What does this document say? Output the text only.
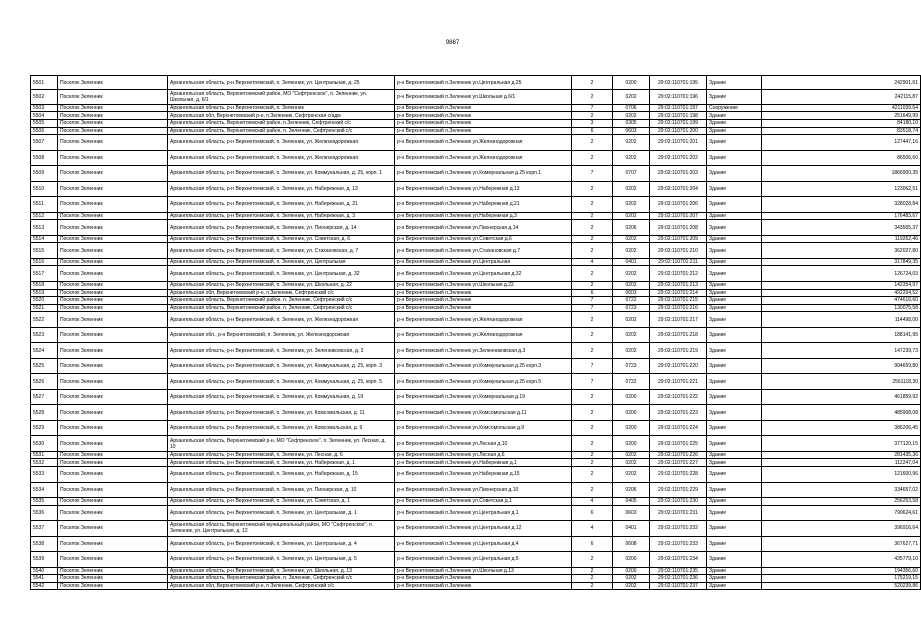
9887
5501	Поселок Зеленник	Архангельская область, р-н Верхнетоемский, п. Зеленник, ул. Центральная, д. 25	р-н Верхнетоемский п.Зеленник ул.Центральная д.25	2	0200	29:02:110701:195	Здание	242901,61
5502	Поселок Зеленник	Архангельская область, Верхнетоемский район, МО "Сефтренское", п. Зеленник, ул. Школьная, д. 6/1	р-н Верхнетоемский п.Зеленник ул.Школьная д.6/1	2	0202	29:02:110701:196	Здание	242115,87
5503	Поселок Зеленник	Архангельская область, р-н Верхнетоемский, п. Зеленник	р-н Верхнетоемский п.Зеленник	7	0706	29:02:110701:197	Сооружение	4211039,64
5504	Поселок Зеленник	Архангельская обл, Верхнетоемский р-н, п.Зеленник, Сефтренская с/адм	р-н Верхнетоемский п.Зеленник	2	0202	29:02:110701:198	Здание	251649,99
5505	Поселок Зеленник	Архангельская область, Верхнетоемский район, п.Зеленник, Сефтренский с/с	р-н Верхнетоемский п.Зеленник	3	0305	29:02:110701:199	Здание	84180,10
5506	Поселок Зеленник	Архангельская область, Верхнетоемский район, п. Зеленник, Сефтренский с/с	р-н Верхнетоемский п.Зеленник	6	0603	29:02:110701:200	Здание	83518,74
5507	Поселок Зеленник	Архангельская область, р-н Верхнетоемский, п. Зеленник, ул. Железнодорожная	р-н Верхнетоемский п.Зеленник ул.Железнодорожная	2	0202	29:02:110701:201	Здание	127447,16
5508	Поселок Зеленник	Архангельская область, р-н Верхнетоемский, п. Зеленник, ул. Железнодорожная	р-н Верхнетоемский п.Зеленник ул.Железнодорожная	2	0202	29:02:110701:202	Здание	86506,60
5509	Поселок Зеленник	Архангельская область, р-н Верхнетоемский, п. Зеленник, ул. Коммунальная, д. 25, корп. 1	р-н Верхнетоемский п.Зеленник ул.Коммунальная д.25 корп.1	7	0707	29:02:110701:203	Здание	1866900,35
5510	Поселок Зеленник	Архангельская область, р-н Верхнетоемский, п. Зеленник, ул. Набережная, д. 13	р-н Верхнетоемский п.Зеленник ул.Набережная д.13	2	0202	29:02:110701:204	Здание	123062,51
5511	Поселок Зеленник	Архангельская область, р-н Верхнетоемский, п. Зеленник, ул. Набережная, д. 21	р-н Верхнетоемский п.Зеленник ул.Набережная д.21	2	0202	29:02:110701:206	Здание	328028,84
5512	Поселок Зеленник	Архангельская область, р-н Верхнетоемский, п. Зеленник, ул. Набережная, д. 3	р-н Верхнетоемский п.Зеленник ул.Набережная д.3	2	0202	29:02:110701:207	Здание	176483,67
5513	Поселок Зеленник	Архангельская область, р-н Верхнетоемский, п. Зеленник, ул. Пионерская, д. 14	р-н Верхнетоемский п.Зеленник ул.Пионерская д.14	2	0206	29:02:110701:208	Здание	343565,37
5514	Поселок Зеленник	Архангельская область, р-н Верхнетоемский, п. Зеленник, ул. Советская, д. 6	р-н Верхнетоемский п.Зеленник ул.Советская д.6	2	0202	29:02:110701:209	Здание	119262,46
5515	Поселок Зеленник	Архангельская область, р-н Верхнетоемский, п. Зеленник, ул. Стахановская, д. 7	р-н Верхнетоемский п.Зеленник ул.Стахановская д.7	2	0202	29:02:110701:210	Здание	362027,80
5516	Поселок Зеленник	Архангельская область, р-н Верхнетоемский, п. Зеленник, ул. Центральная	р-н Верхнетоемский п.Зеленник ул.Центральная	4	0401	29:02:110701:211	Здание	317849,35
5517	Поселок Зеленник	Архангельская область, р-н Верхнетоемский, п. Зеленник, ул. Центральная, д. 32	р-н Верхнетоемский п.Зеленник ул.Центральная д.32	2	0202	29:02:110701:212	Здание	126724,03
5518	Поселок Зеленник	Архангельская область, р-н Верхнетоемский, п. Зеленник, ул. Школьная, д. 22	р-н Верхнетоемский п.Зеленник ул.Школьная д.22	2	0202	29:02:110701:213	Здание	142354,97
5519	Поселок Зеленник	Архангельская обл, Верхнетоемский р-н, п.Зеленник, Сефтренский с/с	р-н Верхнетоемский п.Зеленник	6	0603	29:02:110701:214	Здание	492204,52
5520	Поселок Зеленник	Архангельская область, Верхнетоемский район, п. Зеленник, Сефтренский с/с	р-н Верхнетоемский п.Зеленник	7	0722	29:02:110701:215	Здание	474616,60
5521	Поселок Зеленник	Архангельская область, Верхнетоемский район, п. Зеленник, Сефтренский с/с	р-н Верхнетоемский п.Зеленник	7	0723	29:02:110701:216	Здание	130075,58
5522	Поселок Зеленник	Архангельская область, р-н Верхнетоемский, п. Зеленник, ул. Железнодорожная	р-н Верхнетоемский п.Зеленник ул.Железнодорожная	2	0202	29:02:110701:217	Здание	114498,00
5523	Поселок Зеленник	Архангельская обл., р-н Верхнетоемский, п. Зеленник, ул. Железнодорожная	р-н Верхнетоемский п.Зеленник ул.Железнодорожная	2	0202	29:02:110701:218	Здание	188141,95
5524	Поселок Зеленник	Архангельская область, р-н Верхнетоемский, п. Зеленник, ул. Зеленниковская, д. 3	р-н Верхнетоемский п.Зеленник ул.Зеленниковская д.3	2	0202	29:02:110701:219	Здание	147239,73
5525	Поселок Зеленник	Архангельская область, р-н Верхнетоемский, п. Зеленник, ул. Коммунальная, д. 25, корп. 3	р-н Верхнетоемский п.Зеленник ул.Коммунальная д.25 корп.3	7	0723	29:02:110701:220	Здание	904659,80
5526	Поселок Зеленник	Архангельская область, р-н Верхнетоемский, п. Зеленник, ул. Коммунальная, д. 25, корп. 5	р-н Верхнетоемский п.Зеленник ул.Коммунальная д.25 корп.5	7	0722	29:02:110701:221	Здание	2561118,30
5527	Поселок Зеленник	Архангельская область, р-н Верхнетоемский, п. Зеленник, ул. Коммунальная, д. 19	р-н Верхнетоемский п.Зеленник ул.Коммунальная д.19	2	0200	29:02:110701:222	Здание	461859,92
5528	Поселок Зеленник	Архангельская область, р-н Верхнетоемский, п. Зеленник, ул. Комсомольская, д. 11	р-н Верхнетоемский п.Зеленник ул.Комсомольская д.11	2	0200	29:02:110701:223	Здание	485908,08
5529	Поселок Зеленник	Архангельская область, р-н Верхнетоемский, п. Зеленник, ул. Комсомольская, д. 9	р-н Верхнетоемский п.Зеленник ул.Комсомольская д.9	2	0200	29:02:110701:224	Здание	386206,45
5530	Поселок Зеленник	Архангельская область, Верхнетоемский р-н, МО "Сефтренское", п. Зеленник, ул. Лесная, д. 10	р-н Верхнетоемский п.Зеленник ул.Лесная д.10	2	0200	29:02:110701:225	Здание	377120,15
5531	Поселок Зеленник	Архангельская область, р-н Верхнетоемский, п. Зеленник, ул. Лесная, д. 6	р-н Верхнетоемский п.Зеленник ул.Лесная д.6	2	0202	29:02:110701:226	Здание	281435,36
5532	Поселок Зеленник	Архангельская область, р-н Верхнетоемский, п. Зеленник, ул. Набережная, д. 1	р-н Верхнетоемский п.Зеленник ул.Набережная д.1	2	0202	29:02:110701:227	Здание	112247,04
5533	Поселок Зеленник	Архангельская область, р-н Верхнетоемский, п. Зеленник, ул. Набережная, д. 15	р-н Верхнетоемский п.Зеленник ул.Набережная д.15	2	0202	29:02:110701:228	Здание	121600,96
5534	Поселок Зеленник	Архангельская область, р-н Верхнетоемский, п. Зеленник, ул. Пионерская, д. 10	р-н Верхнетоемский п.Зеленник ул.Пионерская д.10	2	0206	29:02:110701:229	Здание	334657,02
5535	Поселок Зеленник	Архангельская область, р-н Верхнетоемский, п. Зеленник, ул. Советская, д. 1	р-н Верхнетоемский п.Зеленник ул.Советская д.1	4	0405	29:02:110701:230	Здание	256253,58
5536	Поселок Зеленник	Архангельская область, р-н Верхнетоемский, п. Зеленник, ул. Центральная, д. 1	р-н Верхнетоемский п.Зеленник ул.Центральная д.1	6	0603	29:02:110701:231	Здание	790624,61
5537	Поселок Зеленник	Архангельская область, Верхнетоемский муниципальный район, МО "Сефтренское", п. Зеленник, ул. Центральная, д. 12	р-н Верхнетоемский п.Зеленник ул.Центральная д.12	4	0401	29:02:110701:232	Здание	396916,64
5538	Поселок Зеленник	Архангельская область, р-н Верхнетоемский, п. Зеленник, ул. Центральная, д. 4	р-н Верхнетоемский п.Зеленник ул.Центральная д.4	6	0608	29:02:110701:233	Здание	367627,71
5539	Поселок Зеленник	Архангельская область, р-н Верхнетоемский, п. Зеленник, ул. Центральная, д. 5	р-н Верхнетоемский п.Зеленник ул.Центральная д.5	2	0200	29:02:110701:234	Здание	435779,10
5540	Поселок Зеленник	Архангельская область, р-н Верхнетоемский, п. Зеленник, ул. Школьная, д. 13	р-н Верхнетоемский п.Зеленник ул.Школьная д.13	2	0200	29:02:110701:235	Здание	194356,60
5541	Поселок Зеленник	Архангельская область, Верхнетоемский район, п. Зеленник, Сефтренский с/с	р-н Верхнетоемский п.Зеленник	2	0202	29:02:110701:236	Здание	175219,15
5542	Поселок Зеленник	Архангельская обл, Верхнетоемский р-н, п Зеленник, Сефтренский с/с	р-н Верхнетоемский п.Зеленник	2	0202	29:02:110701:237	Здание	520239,86
